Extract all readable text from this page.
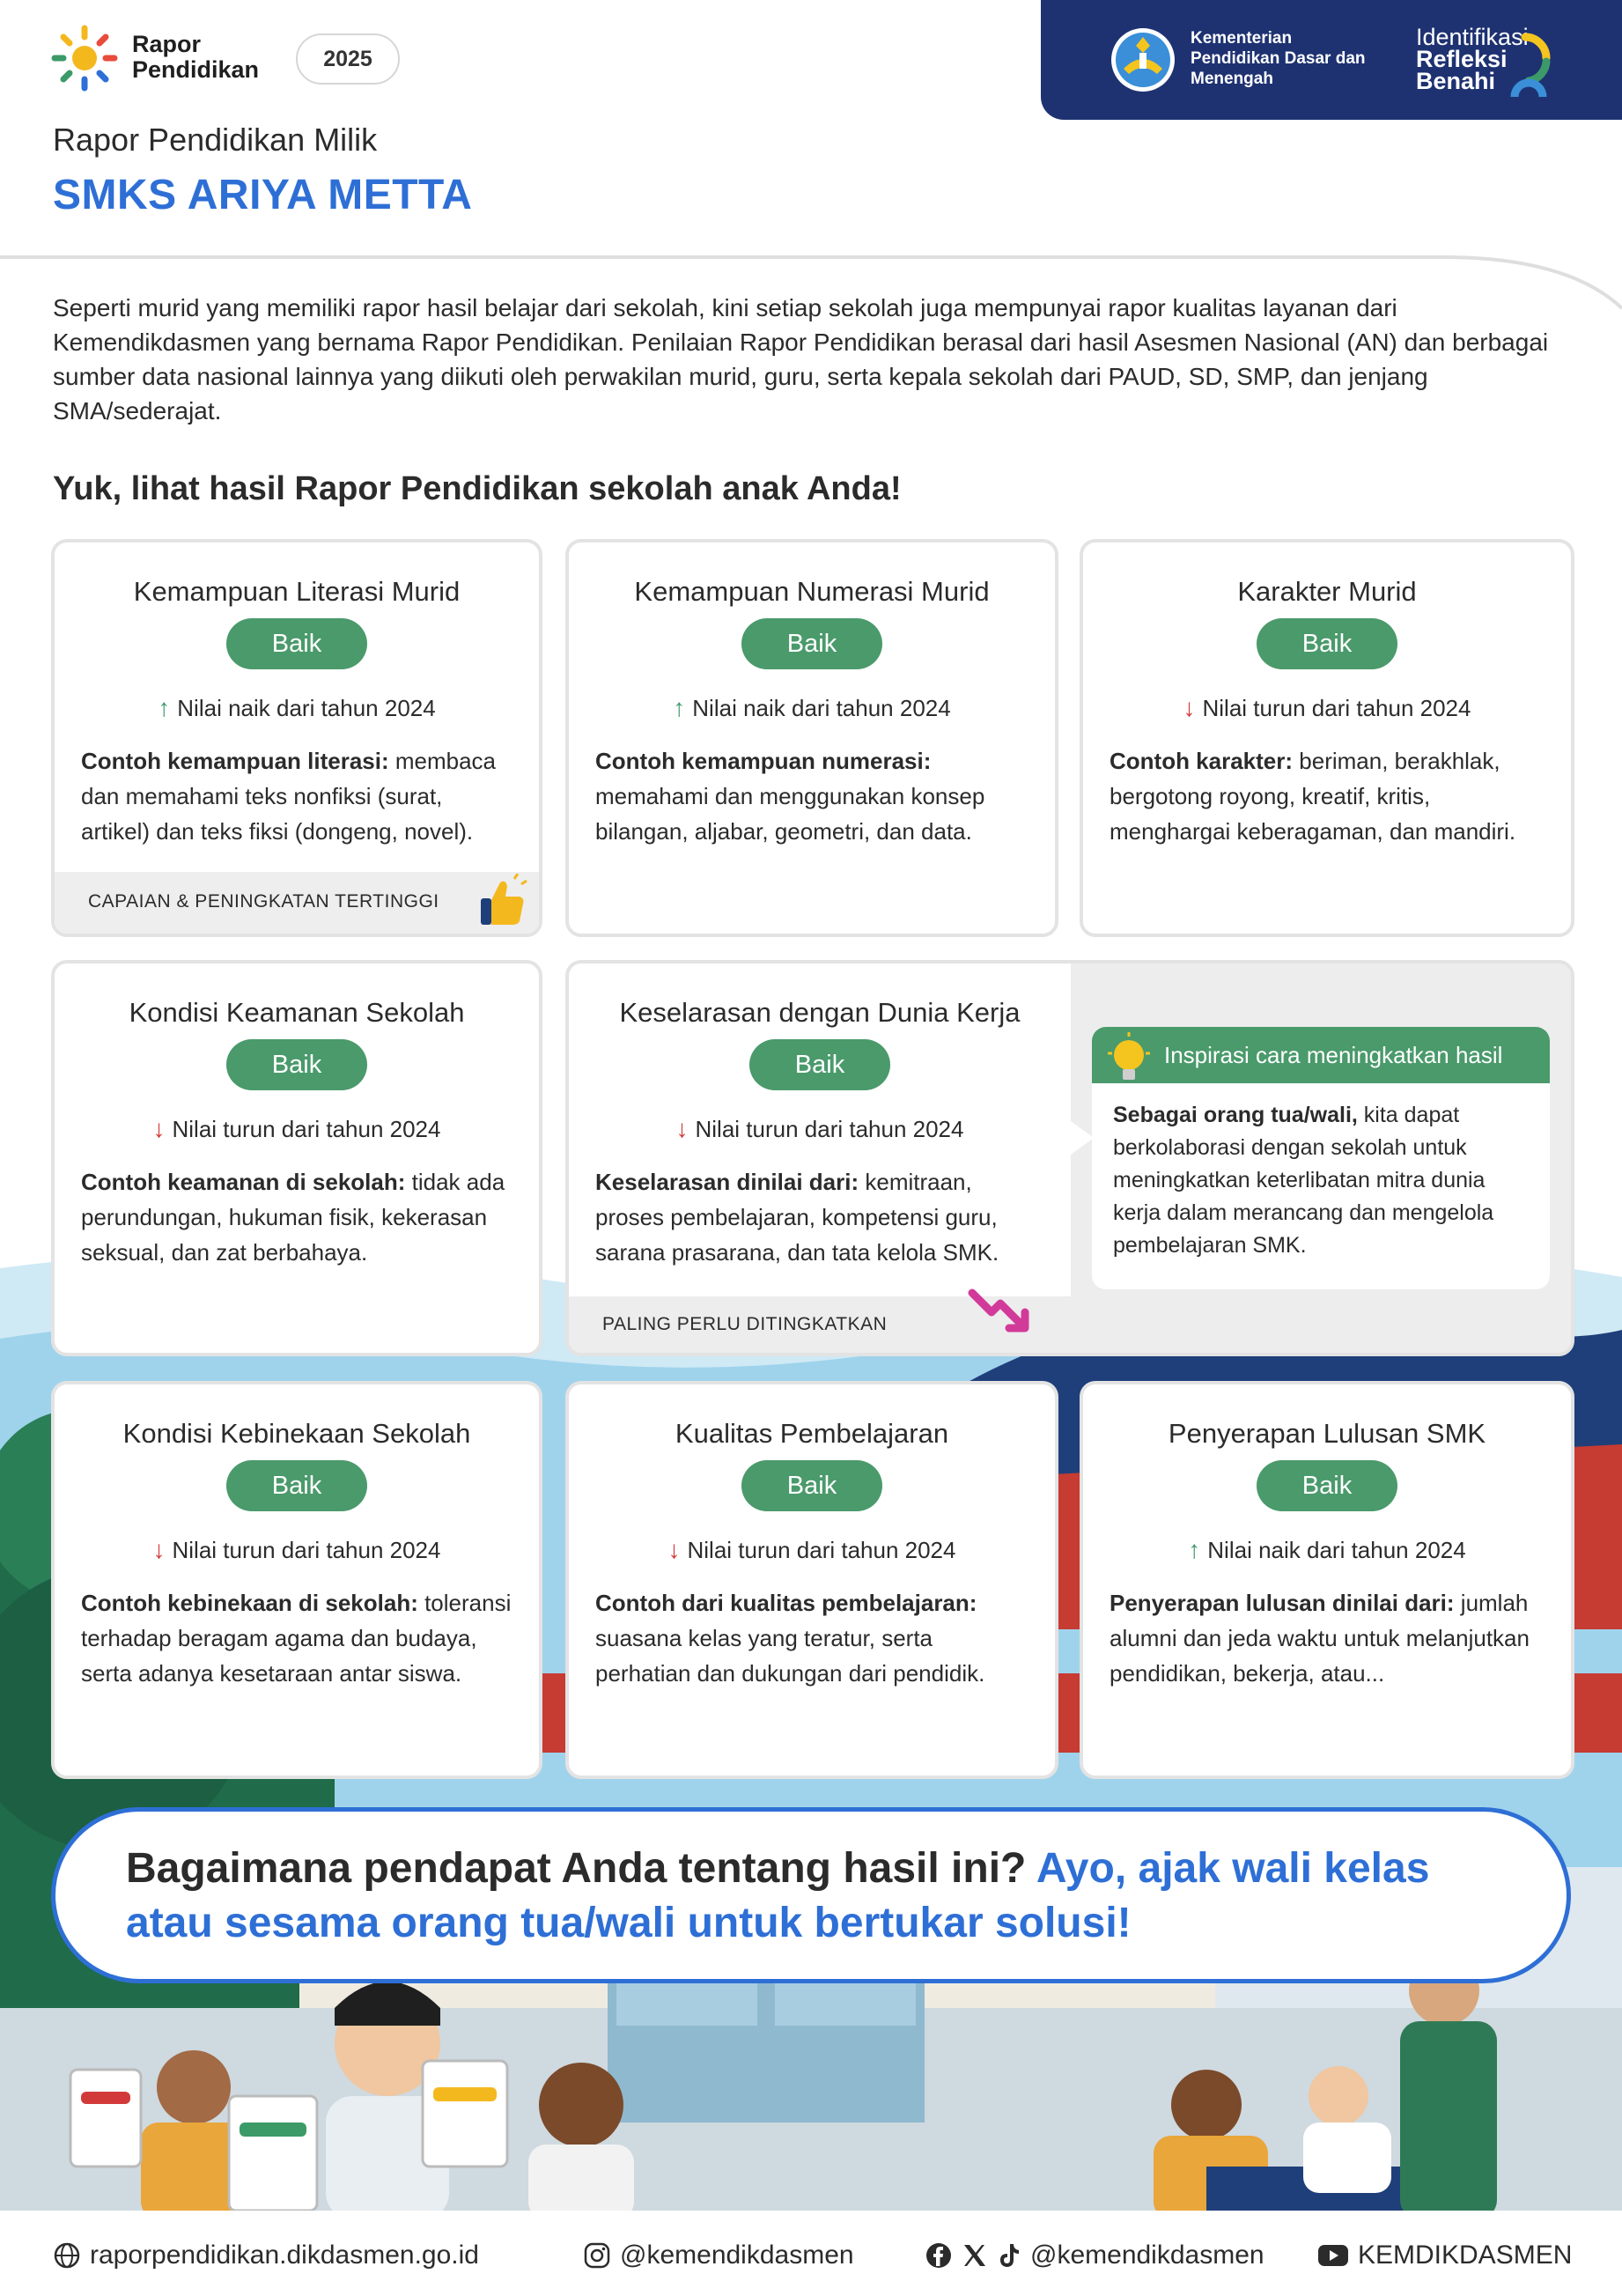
Rapor
Pendidikan	2025
Kementerian
Pendidikan Dasar dan
Menengah
Identifikasi
Refleksi
Benahi
Rapor Pendidikan Milik
SMKS ARIYA METTA
Seperti murid yang memiliki rapor hasil belajar dari sekolah, kini setiap sekolah juga mempunyai rapor kualitas layanan dari Kemendikdasmen yang bernama Rapor Pendidikan. Penilaian Rapor Pendidikan berasal dari hasil Asesmen Nasional (AN) dan berbagai sumber data nasional lainnya yang diikuti oleh perwakilan murid, guru, serta kepala sekolah dari PAUD, SD, SMP, dan jenjang SMA/sederajat.
Yuk, lihat hasil Rapor Pendidikan sekolah anak Anda!
Kemampuan Literasi Murid
Baik
↑ Nilai naik dari tahun 2024
Contoh kemampuan literasi: membaca dan memahami teks nonfiksi (surat, artikel) dan teks fiksi (dongeng, novel).
CAPAIAN & PENINGKATAN TERTINGGI
Kemampuan Numerasi Murid
Baik
↑ Nilai naik dari tahun 2024
Contoh kemampuan numerasi: memahami dan menggunakan konsep bilangan, aljabar, geometri, dan data.
Karakter Murid
Baik
↓ Nilai turun dari tahun 2024
Contoh karakter: beriman, berakhlak, bergotong royong, kreatif, kritis, menghargai keberagaman, dan mandiri.
Kondisi Keamanan Sekolah
Baik
↓ Nilai turun dari tahun 2024
Contoh keamanan di sekolah: tidak ada perundungan, hukuman fisik, kekerasan seksual, dan zat berbahaya.
Keselarasan dengan Dunia Kerja
Baik
↓ Nilai turun dari tahun 2024
Keselarasan dinilai dari: kemitraan, proses pembelajaran, kompetensi guru, sarana prasarana, dan tata kelola SMK.
PALING PERLU DITINGKATKAN
Inspirasi cara meningkatkan hasil
Sebagai orang tua/wali, kita dapat berkolaborasi dengan sekolah untuk meningkatkan keterlibatan mitra dunia kerja dalam merancang dan mengelola pembelajaran SMK.
Kondisi Kebinekaan Sekolah
Baik
↓ Nilai turun dari tahun 2024
Contoh kebinekaan di sekolah: toleransi terhadap beragam agama dan budaya, serta adanya kesetaraan antar siswa.
Kualitas Pembelajaran
Baik
↓ Nilai turun dari tahun 2024
Contoh dari kualitas pembelajaran: suasana kelas yang teratur, serta perhatian dan dukungan dari pendidik.
Penyerapan Lulusan SMK
Baik
↑ Nilai naik dari tahun 2024
Penyerapan lulusan dinilai dari: jumlah alumni dan jeda waktu untuk melanjutkan pendidikan, bekerja, atau...
Bagaimana pendapat Anda tentang hasil ini? Ayo, ajak wali kelas atau sesama orang tua/wali untuk bertukar solusi!
rapor​pendidikan.dikdasmen.go.id	@kemendikdasmen	@kemendikdasmen	KEMDIKDASMEN
